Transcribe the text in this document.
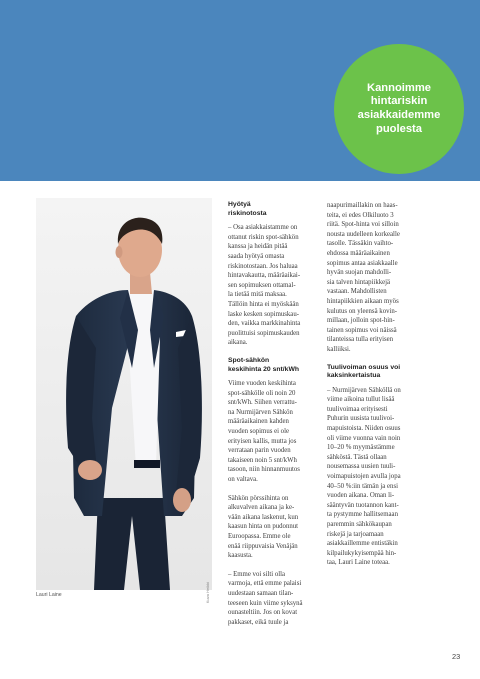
Kannoimme
hintariskin
asiakkaidemme
puolesta
Kuva Heikki
Lauri Laine
Hyötyä
riskinotosta

– Osa asiakkaistamme on
ottanut riskin spot-sähkön
kanssa ja heidän pitää
saada hyötyä omasta
riskinotostaan. Jos haluaa
hintavakautta, määräaikai-
sen sopimuksen ottamal-
la tietää mitä maksaa.
Tällöin hinta ei myöskään
laske kesken sopimuskau-
den, vaikka markkinahinta
puolittuisi sopimuskauden
aikana.

Spot-sähkön
keskihinta 20 snt/kWh

Viime vuoden keskihinta
spot-sähkölle oli noin 20
snt/kWh. Siihen verrattu-
na Nurmijärven Sähkön
määräaikainen kahden
vuoden sopimus ei ole
erityisen kallis, mutta jos
verrataan parin vuoden
takaiseen noin 5 snt/kWh
tasoon, niin hinnanmuutos
on valtava.

Sähkön pörssihinta on
alkuvalven aikana ja ke-
vään aikana laskenut, kun
kaasun hinta on pudonnut
Euroopassa. Emme ole
enää riippuvaisia Venäjän
kaasusta.

– Emme voi silti olla
varmoja, että emme palaisi
uudestaan samaan tilan-
teeseen kuin viime syksynä
ounasteltiin. Jos on kovat
pakkaset, eikä tuule ja

naapurimaillakin on haas-
teita, ei edes Olkiluoto 3
riitä. Spot-hinta voi silloin
nousta uudelleen korkealle
tasolle. Tässäkin vaihto-
ehdossa määräaikainen
sopimus antaa asiakkaalle
hyvän suojan mahdolli-
sia talven hintapiikkejä
vastaan. Mahdollisten
hintapiikkien aikaan myös
kulutus on yleensä kovin-
millaan, jolloin spot-hin-
tainen sopimus voi näissä
tilanteissa tulla erityisen
kalliiksi.

Tuulivoiman osuus voi
kaksinkertaistua

– Nurmijärven Sähköllä on
viime aikoina tullut lisää
tuulivoimaa erityisesti
Puhurin uusista tuulivoi-
mapuistoista. Niiden osuus
oli viime vuonna vain noin
10–20 % myymästämme
sähköstä. Tästä ollaan
nousemassa uusien tuuli-
voimapuistojen avulla jopa
40–50 %:iin tämän ja ensi
vuoden aikana. Oman li-
sääntyvän tuotannon kant-
ta pystymme hallitsemaan
paremmin sähkökaupan
riskejä ja tarjoamaan
asiakkaillemme entistäkin
kilpailukykyisempää hin-
taa, Lauri Laine toteaa.

23
